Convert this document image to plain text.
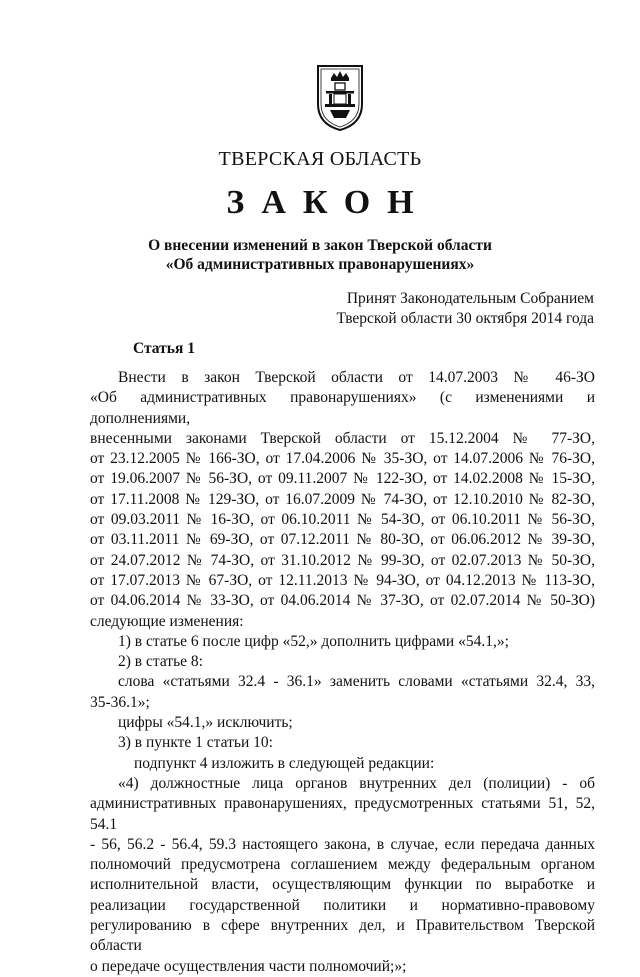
ТВЕРСКАЯ ОБЛАСТЬ
ЗАКОН
О внесении изменений в закон Тверской области
«Об административных правонарушениях»
Принят Законодательным Собранием
Тверской области 30 октября 2014 года
Статья 1

Внести в закон Тверской области от 14.07.2003 № 46-ЗО

«Об административных правонарушениях» (с изменениями и дополнениями,

внесенными законами Тверской области от 15.12.2004 № 77-ЗО,

от 23.12.2005 № 166-ЗО, от 17.04.2006 № 35-ЗО, от 14.07.2006 № 76-ЗО,

от 19.06.2007 № 56-ЗО, от 09.11.2007 № 122-ЗО, от 14.02.2008 № 15-ЗО,

от 17.11.2008 № 129-ЗО, от 16.07.2009 № 74-ЗО, от 12.10.2010 № 82-ЗО,

от 09.03.2011 № 16-ЗО, от 06.10.2011 № 54-ЗО, от 06.10.2011 № 56-ЗО,

от 03.11.2011 № 69-ЗО, от 07.12.2011 № 80-ЗО, от 06.06.2012 № 39-ЗО,

от 24.07.2012 № 74-ЗО, от 31.10.2012 № 99-ЗО, от 02.07.2013 № 50-ЗО,

от 17.07.2013 № 67-ЗО, от 12.11.2013 № 94-ЗО, от 04.12.2013 № 113-ЗО,

от 04.06.2014 № 33-ЗО, от 04.06.2014 № 37-ЗО, от 02.07.2014 № 50-ЗО)

следующие изменения:

1) в статье 6 после цифр «52,» дополнить цифрами «54.1,»;

2) в статье 8:

слова «статьями 32.4 - 36.1» заменить словами «статьями 32.4, 33,

35-36.1»;

цифры «54.1,» исключить;

3) в пункте 1 статьи 10:

подпункт 4 изложить в следующей редакции:

«4) должностные лица органов внутренних дел (полиции) - об

административных правонарушениях, предусмотренных статьями 51, 52, 54.1

- 56, 56.2 - 56.4, 59.3 настоящего закона, в случае, если передача данных

полномочий предусмотрена соглашением между федеральным органом

исполнительной власти, осуществляющим функции по выработке и

реализации государственной политики и нормативно-правовому

регулированию в сфере внутренних дел, и Правительством Тверской области

о передаче осуществления части полномочий;»;
